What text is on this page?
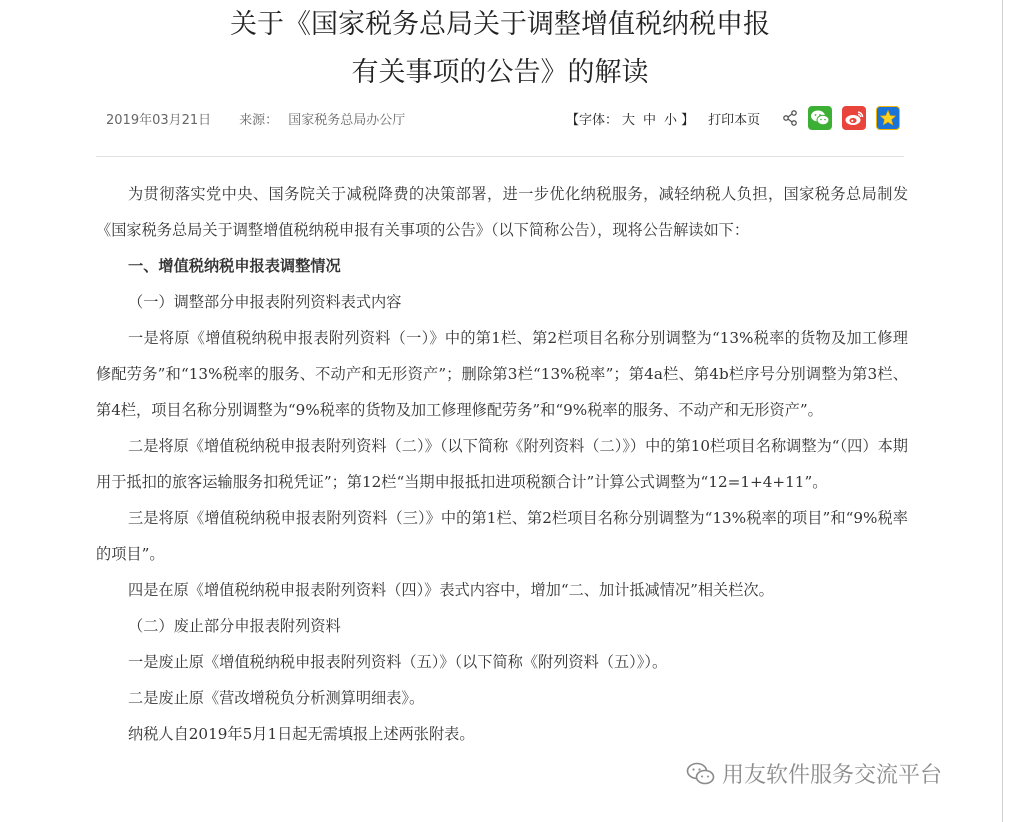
关于《国家税务总局关于调整增值税纳税申报
有关事项的公告》的解读
2019年03月21日 来源： 国家税务总局办公厅	【字体： 大 中 小 】 打印本页

为贯彻落实党中央、国务院关于减税降费的决策部署，进一步优化纳税服务，减轻纳税人负担，国家税务总局制发《国家税务总局关于调整增值税纳税申报有关事项的公告》（以下简称公告），现将公告解读如下：

一、增值税纳税申报表调整情况

（一）调整部分申报表附列资料表式内容

一是将原《增值税纳税申报表附列资料（一）》中的第1栏、第2栏项目名称分别调整为“13%税率的货物及加工修理修配劳务”和“13%税率的服务、不动产和无形资产”；删除第3栏“13%税率”；第4a栏、第4b栏序号分别调整为第3栏、第4栏，项目名称分别调整为“9%税率的货物及加工修理修配劳务”和“9%税率的服务、不动产和无形资产”。

二是将原《增值税纳税申报表附列资料（二）》（以下简称《附列资料（二）》）中的第10栏项目名称调整为“（四）本期用于抵扣的旅客运输服务扣税凭证”；第12栏“当期申报抵扣进项税额合计”计算公式调整为“12=1+4+11”。

三是将原《增值税纳税申报表附列资料（三）》中的第1栏、第2栏项目名称分别调整为“13%税率的项目”和“9%税率的项目”。

四是在原《增值税纳税申报表附列资料（四）》表式内容中，增加“二、加计抵减情况”相关栏次。

（二）废止部分申报表附列资料

一是废止原《增值税纳税申报表附列资料（五）》（以下简称《附列资料（五）》）。

二是废止原《营改增税负分析测算明细表》。

纳税人自2019年5月1日起无需填报上述两张附表。

用友软件服务交流平台
